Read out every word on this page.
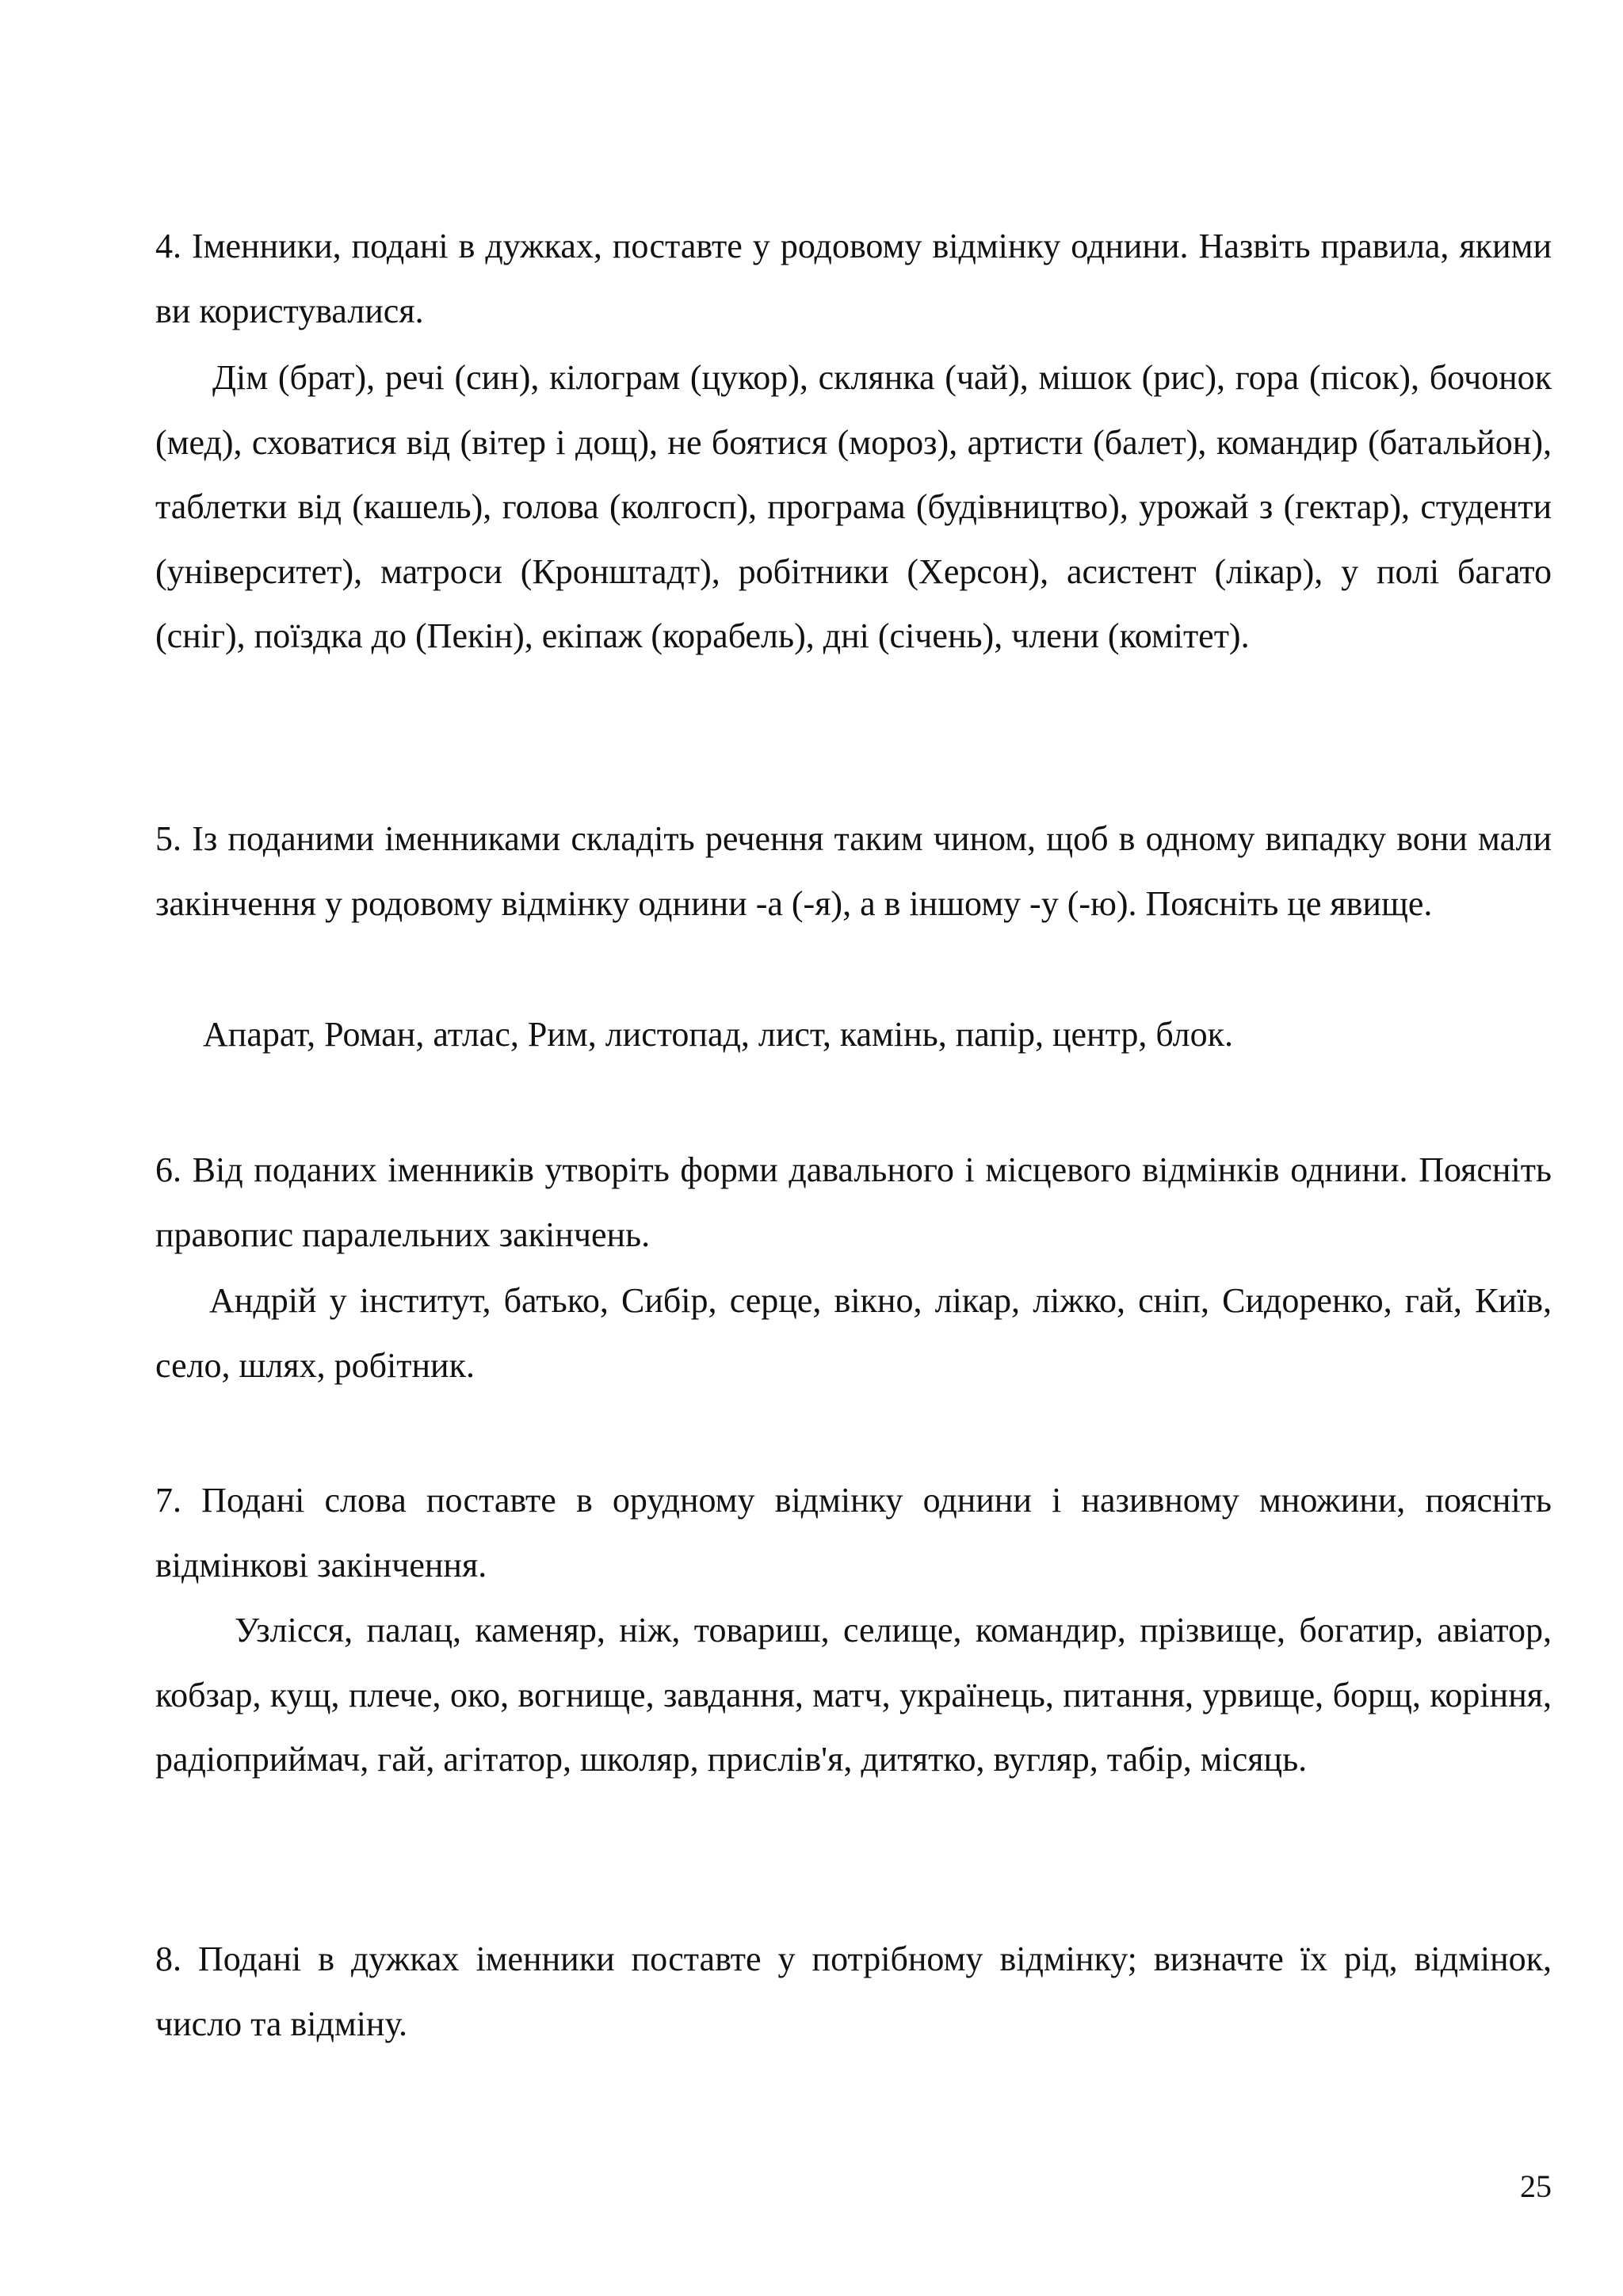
4. Іменники, подані в дужках, поставте у родовому відмінку однини. Назвіть правила, якими ви користувалися.

Дім (брат), речі (син), кілограм (цукор), склянка (чай), мішок (рис), гора (пісок), бочонок (мед), сховатися від (вітер і дощ), не боятися (мороз), артисти (балет), командир (батальйон), таблетки від (кашель), голова (колгосп), програма (будівництво), урожай з (гектар), студенти (університет), матроси (Кронштадт), робітники (Херсон), асистент (лікар), у полі багато (сніг), поїздка до (Пекін), екіпаж (корабель), дні (січень), члени (комітет).

5. Із поданими іменниками складіть речення таким чином, щоб в одному випадку вони мали закінчення у родовому відмінку однини -а (-я), а в іншому -у (-ю). Поясніть це явище.

Апарат, Роман, атлас, Рим, листопад, лист, камінь, папір, центр, блок.

6. Від поданих іменників утворіть форми давального і місцевого відмінків однини. Поясніть правопис паралельних закінчень.

Андрій у інститут, батько, Сибір, серце, вікно, лікар, ліжко, сніп, Сидоренко, гай, Київ, село, шлях, робітник.

7. Подані слова поставте в орудному відмінку однини і називному множини, поясніть відмінкові закінчення.

Узлісся, палац, каменяр, ніж, товариш, селище, командир, прізвище, богатир, авіатор, кобзар, кущ, плече, око, вогнище, завдання, матч, українець, питання, урвище, борщ, коріння, радіоприймач, гай, агітатор, школяр, прислів'я, дитятко, вугляр, табір, місяць.

8. Подані в дужках іменники поставте у потрібному відмінку; визначте їх рід, відмінок, число та відміну.

25
